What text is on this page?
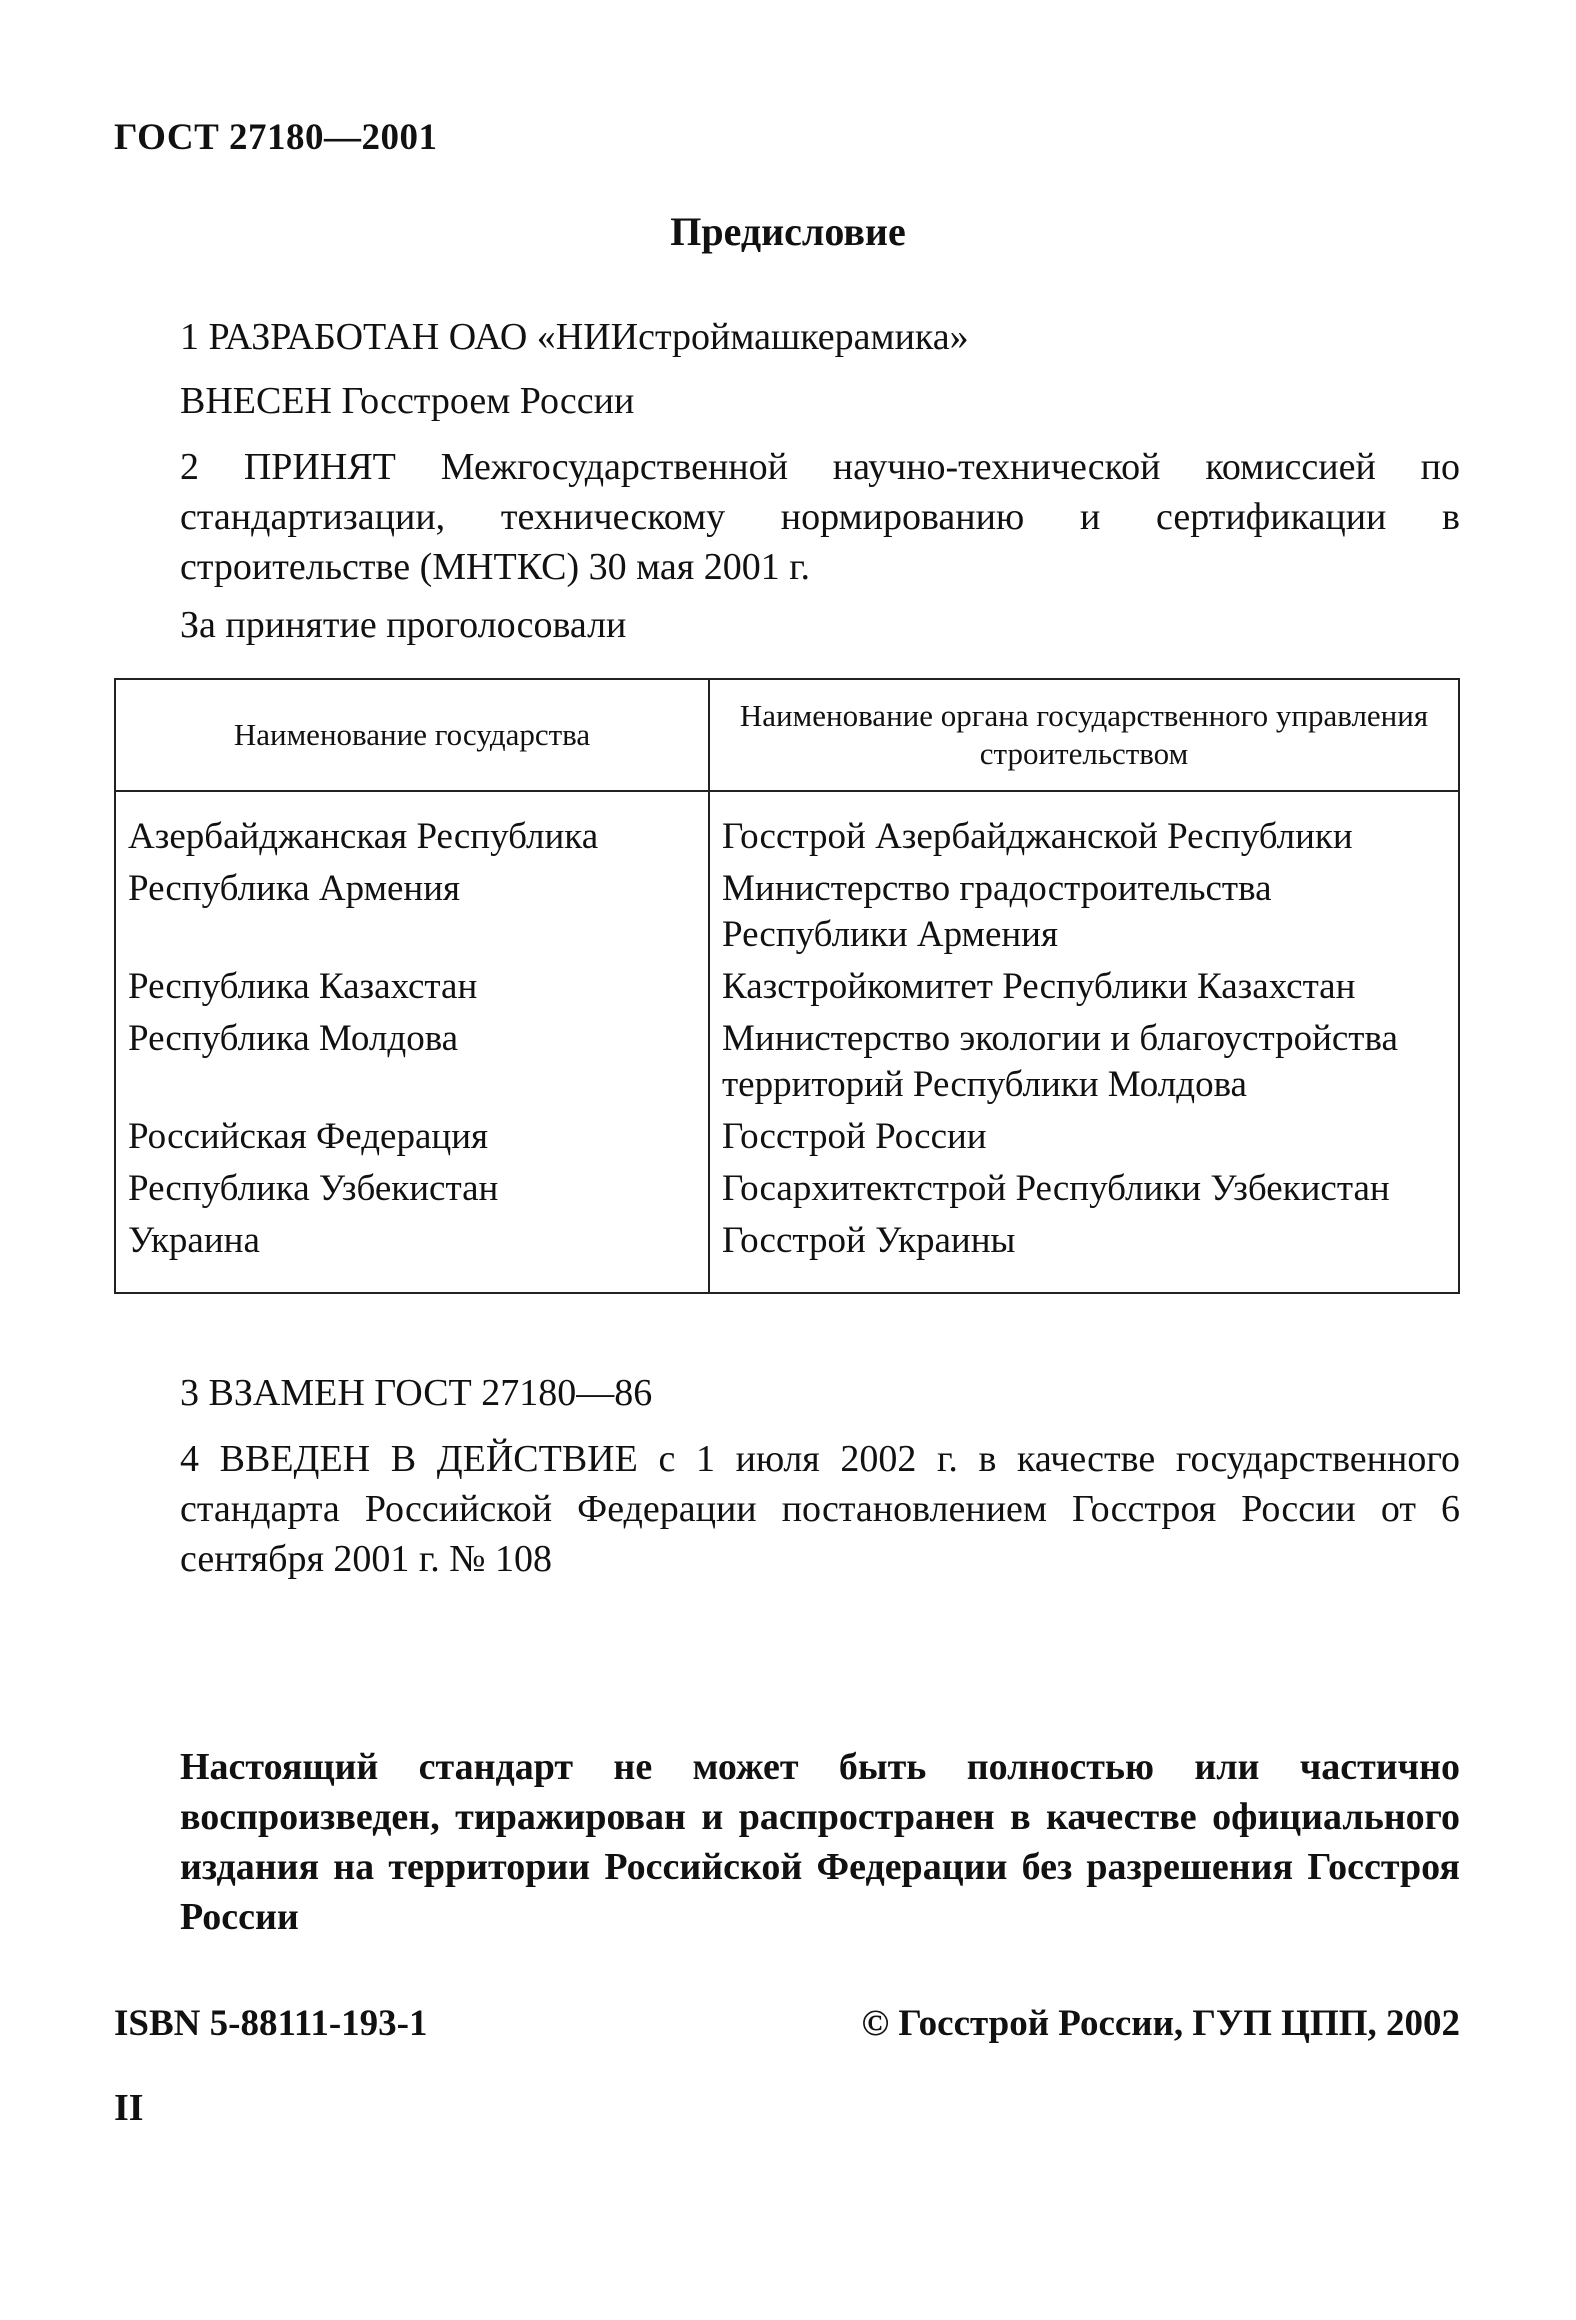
ГОСТ 27180—2001
Предисловие
1 РАЗРАБОТАН ОАО «НИИстроймашкерамика»
ВНЕСЕН Госстроем России
2 ПРИНЯТ Межгосударственной научно-технической комиссией по стандартизации, техническому нормированию и сертификации в строительстве (МНТКС) 30 мая 2001 г.
За принятие проголосовали
Наименование государства	Наименование органа государственного управления строительством
Азербайджанская Республика	Госстрой Азербайджанской Республики
Республика Армения	Министерство градостроительства Республики Армения
Республика Казахстан	Казстройкомитет Республики Казахстан
Республика Молдова	Министерство экологии и благоустройства территорий Республики Молдова
Российская Федерация	Госстрой России
Республика Узбекистан	Госархитектстрой Республики Узбекистан
Украина	Госстрой Украины
3 ВЗАМЕН ГОСТ 27180—86
4 ВВЕДЕН В ДЕЙСТВИЕ с 1 июля 2002 г. в качестве государственного стандарта Российской Федерации постановлением Госстроя России от 6 сентября 2001 г. № 108
Настоящий стандарт не может быть полностью или частично воспроизведен, тиражирован и распространен в качестве официального издания на территории Российской Федерации без разрешения Госстроя России
ISBN 5-88111-193-1	© Госстрой России, ГУП ЦПП, 2002
II
